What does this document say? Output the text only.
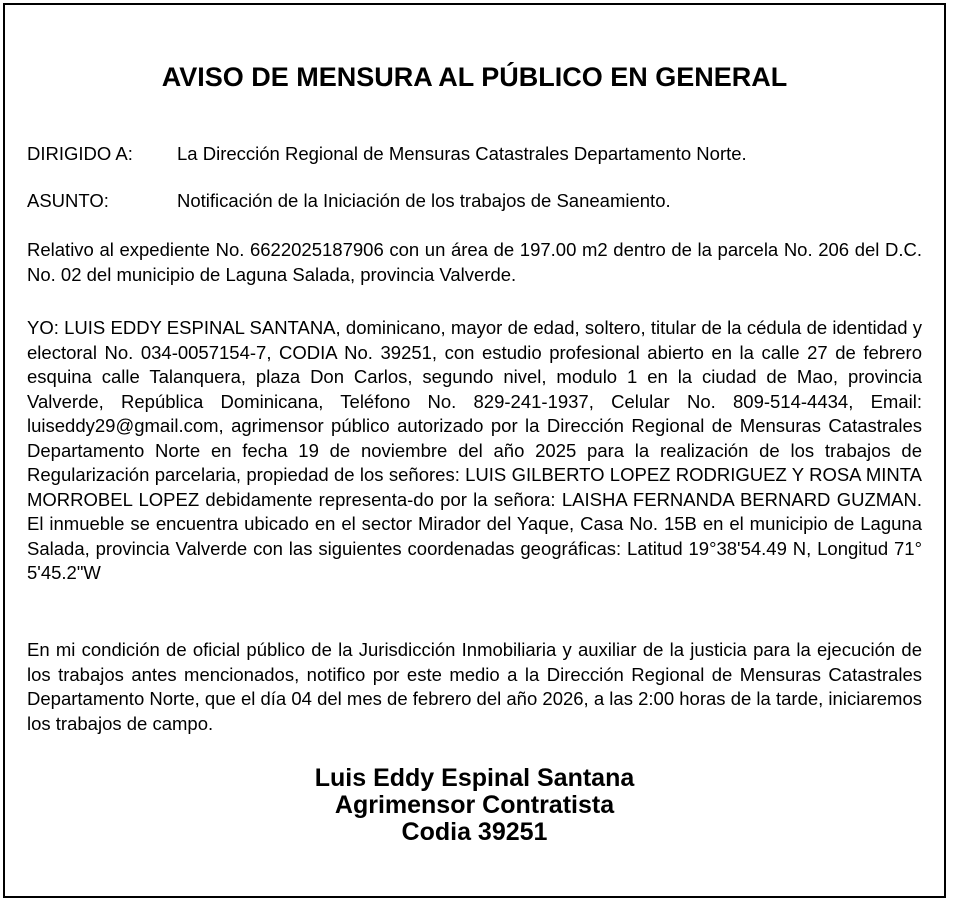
AVISO DE MENSURA AL PÚBLICO EN GENERAL
DIRIGIDO A: La Dirección Regional de Mensuras Catastrales Departamento Norte.
ASUNTO:	Notificación de la Iniciación de los trabajos de Saneamiento.

Relativo al expediente No. 6622025187906 con un área de 197.00 m2 dentro de la parcela No. 206 del D.C. No. 02 del municipio de Laguna Salada, provincia Valverde.

YO: LUIS EDDY ESPINAL SANTANA, dominicano, mayor de edad, soltero, titular de la cédula de identidad y electoral No. 034-0057154-7, CODIA No. 39251, con estudio profesional abierto en la calle 27 de febrero esquina calle Talanquera, plaza Don Carlos, segundo nivel, modulo 1 en la ciudad de Mao, provincia Valverde, República Dominicana, Teléfono No. 829-241-1937, Celular No. 809-514-4434, Email: luiseddy29@gmail.com, agrimensor público autorizado por la Dirección Regional de Mensuras Catastrales Departamento Norte en fecha 19 de noviembre del año 2025 para la realización de los trabajos de Regularización parcelaria, propiedad de los señores: LUIS GILBERTO LOPEZ RODRIGUEZ Y ROSA MINTA MORROBEL LOPEZ debidamente representa-do por la señora: LAISHA FERNANDA BERNARD GUZMAN. El inmueble se encuentra ubicado en el sector Mirador del Yaque, Casa No. 15B en el municipio de Laguna Salada, provincia Valverde con las siguientes coordenadas geográficas: Latitud 19°38'54.49 N, Longitud 71° 5'45.2"W

En mi condición de oficial público de la Jurisdicción Inmobiliaria y auxiliar de la justicia para la ejecución de los trabajos antes mencionados, notifico por este medio a la Dirección Regional de Mensuras Catastrales Departamento Norte, que el día 04 del mes de febrero del año 2026, a las 2:00 horas de la tarde, iniciaremos los trabajos de campo.

Luis Eddy Espinal Santana
Agrimensor Contratista
Codia 39251
